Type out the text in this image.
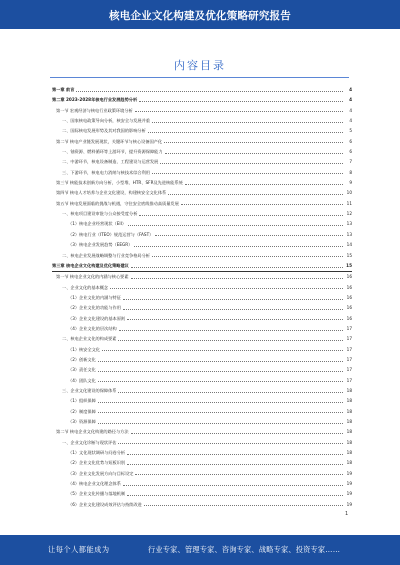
核电企业文化构建及优化策略研究报告
内容目录
第一章 前言	4
第二章 2023-2028年核电行业发展趋势分析	4
第一节 宏观经济与核电行业政策环境分析	4
一、国家核电政策导向分析，核安全与发展并重	4
二、国际核电发展形势及其对我国的影响分析	5
第二节 核电产业链发展现状，关键环节与核心设备国产化	6
一、铀资源、燃料循环等上游环节，提升资源保障能力	6
二、中游环节，核电设备制造、工程建设与运营发展	7
三、下游环节，核电电力消纳与核技术综合利用	8
第三节 核能技术创新方向分析，小型堆、HTR、SFR及先进核能系统	9
第四节 核电人才培养与企业文化建设，构建核安全文化体系	10
第五节 核电发展面临的挑战与机遇，守住安全底线推动高质量发展	11
一、核电项目建设审批与公众接受度分析	12
（1）核电企业经营现状（EII）	13
（2）核电行业（ITEO）规范运营与（FAST）	13
（3）核电企业发展趋势（EEGR）	14
二、核电企业发展战略调整与行业竞争格局分析	15
第三章 核电企业文化构建及优化策略建议	15
第一节 核电企业文化的内涵与核心要素	16
一、企业文化的基本概念	16
（1）企业文化的内涵与特征	16
（2）企业文化的功能与作用	16
（3）企业文化建设的基本原则	16
（4）企业文化的层次结构	17
二、核电企业文化的构成要素	17
（1）核安全文化	17
（2）创新文化	17
（3）责任文化	17
（4）团队文化	17
三、企业文化建设的保障体系	18
（1）组织保障	18
（2）制度保障	18
（3）资源保障	18
第二节 核电企业文化构建的路径与方法	18
一、企业文化诊断与现状评估	18
（1）文化现状调研与问卷分析	18
（2）企业文化优势与短板识别	18
（3）企业文化发展方向与目标设定	19
（4）核电企业文化理念体系	19
（5）企业文化传播与落地机制	19
（6）企业文化建设成效评估与持续改进	19
1
让每个人都能成为	行业专家、管理专家、咨询专家、战略专家、投资专家……
